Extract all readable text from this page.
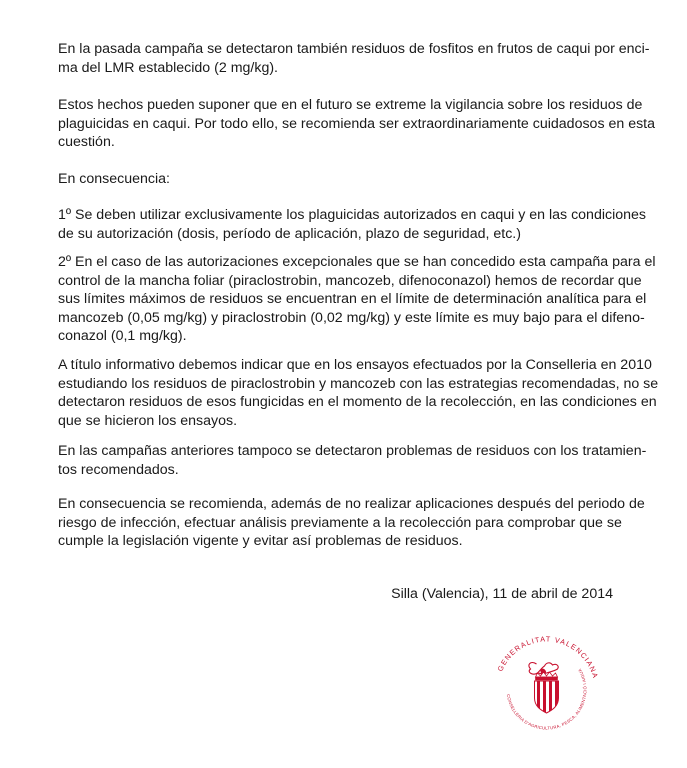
En la pasada campaña se detectaron también residuos de fosfitos en frutos de caqui por enci-
ma del LMR establecido (2 mg/kg).

Estos hechos pueden suponer que en el futuro se extreme la vigilancia sobre los residuos de
plaguicidas en caqui. Por todo ello, se recomienda ser extraordinariamente cuidadosos en esta
cuestión.

En consecuencia:

1º Se deben utilizar exclusivamente los plaguicidas autorizados en caqui y en las condiciones
de su autorización (dosis, período de aplicación, plazo de seguridad, etc.)

2º En el caso de las autorizaciones excepcionales que se han concedido esta campaña para el
control de la mancha foliar (piraclostrobin, mancozeb, difenoconazol) hemos de recordar que
sus límites máximos de residuos se encuentran en el límite de determinación analítica para el
mancozeb (0,05 mg/kg) y piraclostrobin (0,02 mg/kg) y este límite es muy bajo para el difeno-
conazol (0,1 mg/kg).

A título informativo debemos indicar que en los ensayos efectuados por la Conselleria en 2010
estudiando los residuos de piraclostrobin y mancozeb con las estrategias recomendadas, no se
detectaron residuos de esos fungicidas en el momento de la recolección, en las condiciones en
que se hicieron los ensayos.

En las campañas anteriores tampoco se detectaron problemas de residuos con los tratamien-
tos recomendados.

En consecuencia se recomienda, además de no realizar aplicaciones después del periodo de
riesgo de infección, efectuar análisis previamente a la recolección para comprobar que se
cumple la legislación vigente y evitar así problemas de residuos.

Silla (Valencia), 11 de abril de 2014
GENERALITAT VALENCIANA
CONSELLERIA D'AGRICULTURA, PESCA, ALIMENTACIÓ I AIGUA
